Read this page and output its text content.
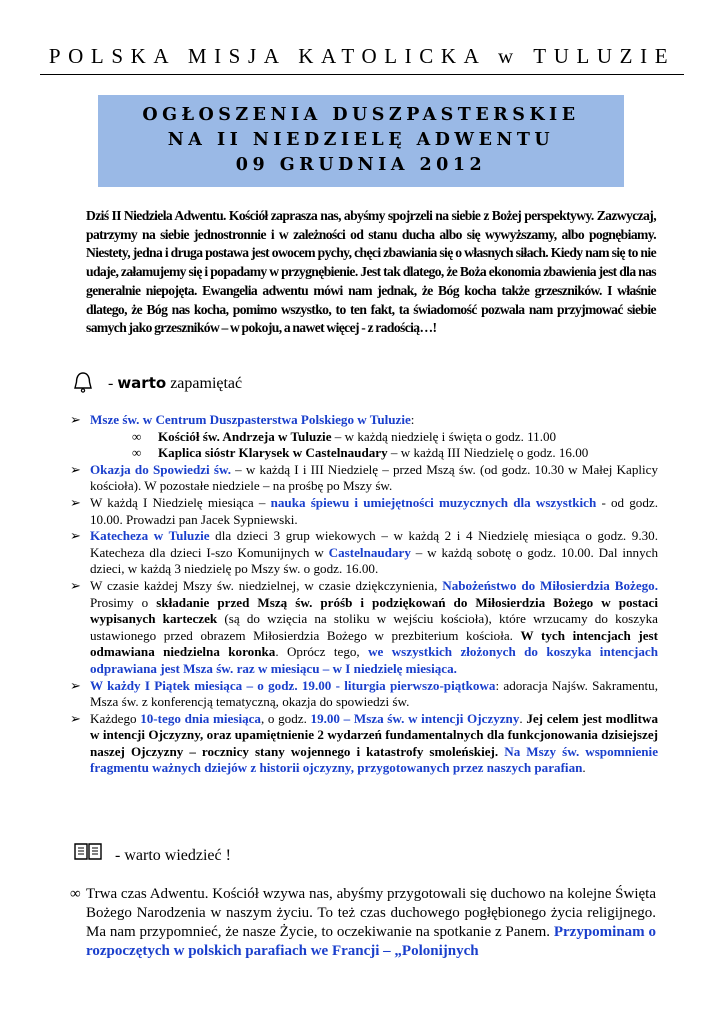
POLSKA MISJA KATOLICKA w TULUZIE
OGŁOSZENIA DUSZPASTERSKIE
NA II NIEDZIELĘ ADWENTU
09 GRUDNIA 2012
Dziś II Niedziela Adwentu. Kościół zaprasza nas, abyśmy spojrzeli na siebie z Bożej perspektywy. Zazwyczaj, patrzymy na siebie jednostronnie i w zależności od stanu ducha albo się wywyższamy, albo pognębiamy. Niestety, jedna i druga postawa jest owocem pychy, chęci zbawiania się o własnych siłach. Kiedy nam się to nie udaje, załamujemy się i popadamy w przygnębienie. Jest tak dlatego, że Boża ekonomia zbawienia jest dla nas generalnie niepojęta. Ewangelia adwentu mówi nam jednak, że Bóg kocha także grzeszników. I właśnie dlatego, że Bóg nas kocha, pomimo wszystko, to ten fakt, ta świadomość pozwala nam przyjmować siebie samych jako grzeszników – w pokoju, a nawet więcej - z radością…!
- warto zapamiętać
➢ Msze św. w Centrum Duszpasterstwa Polskiego w Tuluzie:
∞ Kościół św. Andrzeja w Tuluzie – w każdą niedzielę i święta o godz. 11.00
∞ Kaplica sióstr Klarysek w Castelnaudary – w każdą III Niedzielę o godz. 16.00
➢ Okazja do Spowiedzi św. – w każdą I i III Niedzielę – przed Mszą św. (od godz. 10.30 w Małej Kaplicy kościoła). W pozostałe niedziele – na prośbę po Mszy św.
➢ W każdą I Niedzielę miesiąca – nauka śpiewu i umiejętności muzycznych dla wszystkich - od godz. 10.00. Prowadzi pan Jacek Sypniewski.
➢ Katecheza w Tuluzie dla dzieci 3 grup wiekowych – w każdą 2 i 4 Niedzielę miesiąca o godz. 9.30. Katecheza dla dzieci I-szo Komunijnych w Castelnaudary – w każdą sobotę o godz. 10.00. Dal innych dzieci, w każdą 3 niedzielę po Mszy św. o godz. 16.00.
➢ W czasie każdej Mszy św. niedzielnej, w czasie dziękczynienia, Nabożeństwo do Miłosierdzia Bożego. Prosimy o składanie przed Mszą św. próśb i podziękowań do Miłosierdzia Bożego w postaci wypisanych karteczek (są do wzięcia na stoliku w wejściu kościoła), które wrzucamy do koszyka ustawionego przed obrazem Miłosierdzia Bożego w prezbiterium kościoła. W tych intencjach jest odmawiana niedzielna koronka. Oprócz tego, we wszystkich złożonych do koszyka intencjach odprawiana jest Msza św. raz w miesiącu – w I niedzielę miesiąca.
➢ W każdy I Piątek miesiąca – o godz. 19.00 - liturgia pierwszo-piątkowa: adoracja Najśw. Sakramentu, Msza św. z konferencją tematyczną, okazja do spowiedzi św.
➢ Każdego 10-tego dnia miesiąca, o godz. 19.00 – Msza św. w intencji Ojczyzny. Jej celem jest modlitwa w intencji Ojczyzny, oraz upamiętnienie 2 wydarzeń fundamentalnych dla funkcjonowania dzisiejszej naszej Ojczyzny – rocznicy stany wojennego i katastrofy smoleńskiej. Na Mszy św. wspomnienie fragmentu ważnych dziejów z historii ojczyzny, przygotowanych przez naszych parafian.
- warto wiedzieć !
∞ Trwa czas Adwentu. Kościół wzywa nas, abyśmy przygotowali się duchowo na kolejne Święta Bożego Narodzenia w naszym życiu. To też czas duchowego pogłębionego życia religijnego. Ma nam przypomnieć, że nasze Życie, to oczekiwanie na spotkanie z Panem. Przypominam o rozpoczętych w polskich parafiach we Francji – „Polonijnych
